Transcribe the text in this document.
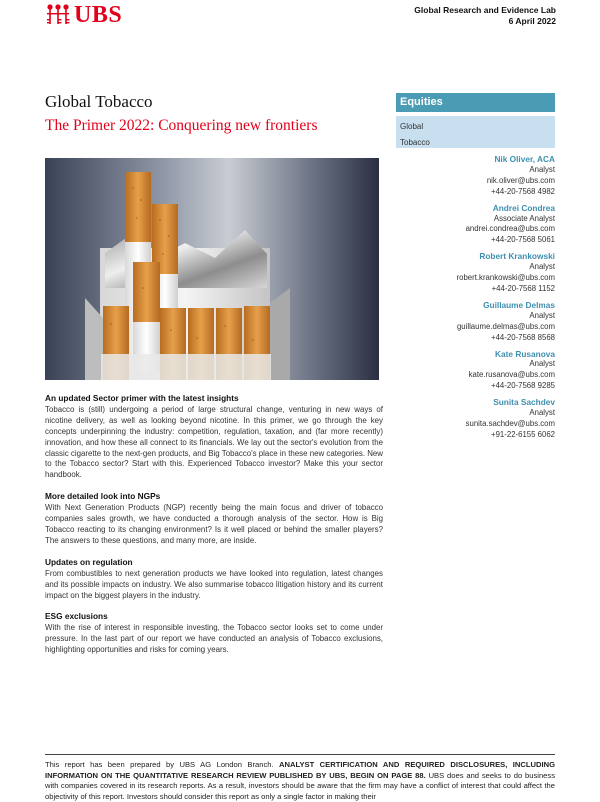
UBS	Global Research and Evidence Lab
6 April 2022
Global Tobacco
The Primer 2022: Conquering new frontiers
Equities
Global
Tobacco
Nik Oliver, ACA
Analyst
nik.oliver@ubs.com
+44-20-7568 4982
Andrei Condrea
Associate Analyst
andrei.condrea@ubs.com
+44-20-7568 5061
Robert Krankowski
Analyst
robert.krankowski@ubs.com
+44-20-7568 1152
Guillaume Delmas
Analyst
guillaume.delmas@ubs.com
+44-20-7568 8568
Kate Rusanova
Analyst
kate.rusanova@ubs.com
+44-20-7568 9285
Sunita Sachdev
Analyst
sunita.sachdev@ubs.com
+91-22-6155 6062
An updated Sector primer with the latest insights

Tobacco is (still) undergoing a period of large structural change, venturing in new ways of nicotine delivery, as well as looking beyond nicotine. In this primer, we go through the key concepts underpinning the industry: competition, regulation, taxation, and (far more recently) innovation, and how these all connect to its financials. We lay out the sector's evolution from the classic cigarette to the next-gen products, and Big Tobacco's place in these new categories. New to the Tobacco sector? Start with this. Experienced Tobacco investor? Make this your sector handbook.

More detailed look into NGPs

With Next Generation Products (NGP) recently being the main focus and driver of tobacco companies sales growth, we have conducted a thorough analysis of the sector. How is Big Tobacco reacting to its changing environment? Is it well placed or behind the smaller players? The answers to these questions, and many more, are inside.

Updates on regulation

From combustibles to next generation products we have looked into regulation, latest changes and its possible impacts on industry. We also summarise tobacco litigation history and its current impact on the biggest players in the industry.

ESG exclusions

With the rise of interest in responsible investing, the Tobacco sector looks set to come under pressure. In the last part of our report we have conducted an analysis of Tobacco exclusions, highlighting opportunities and risks for coming years.

This report has been prepared by UBS AG London Branch. ANALYST CERTIFICATION AND REQUIRED DISCLOSURES, INCLUDING INFORMATION ON THE QUANTITATIVE RESEARCH REVIEW PUBLISHED BY UBS, BEGIN ON PAGE 88. UBS does and seeks to do business with companies covered in its research reports. As a result, investors should be aware that the firm may have a conflict of interest that could affect the objectivity of this report. Investors should consider this report as only a single factor in making their
